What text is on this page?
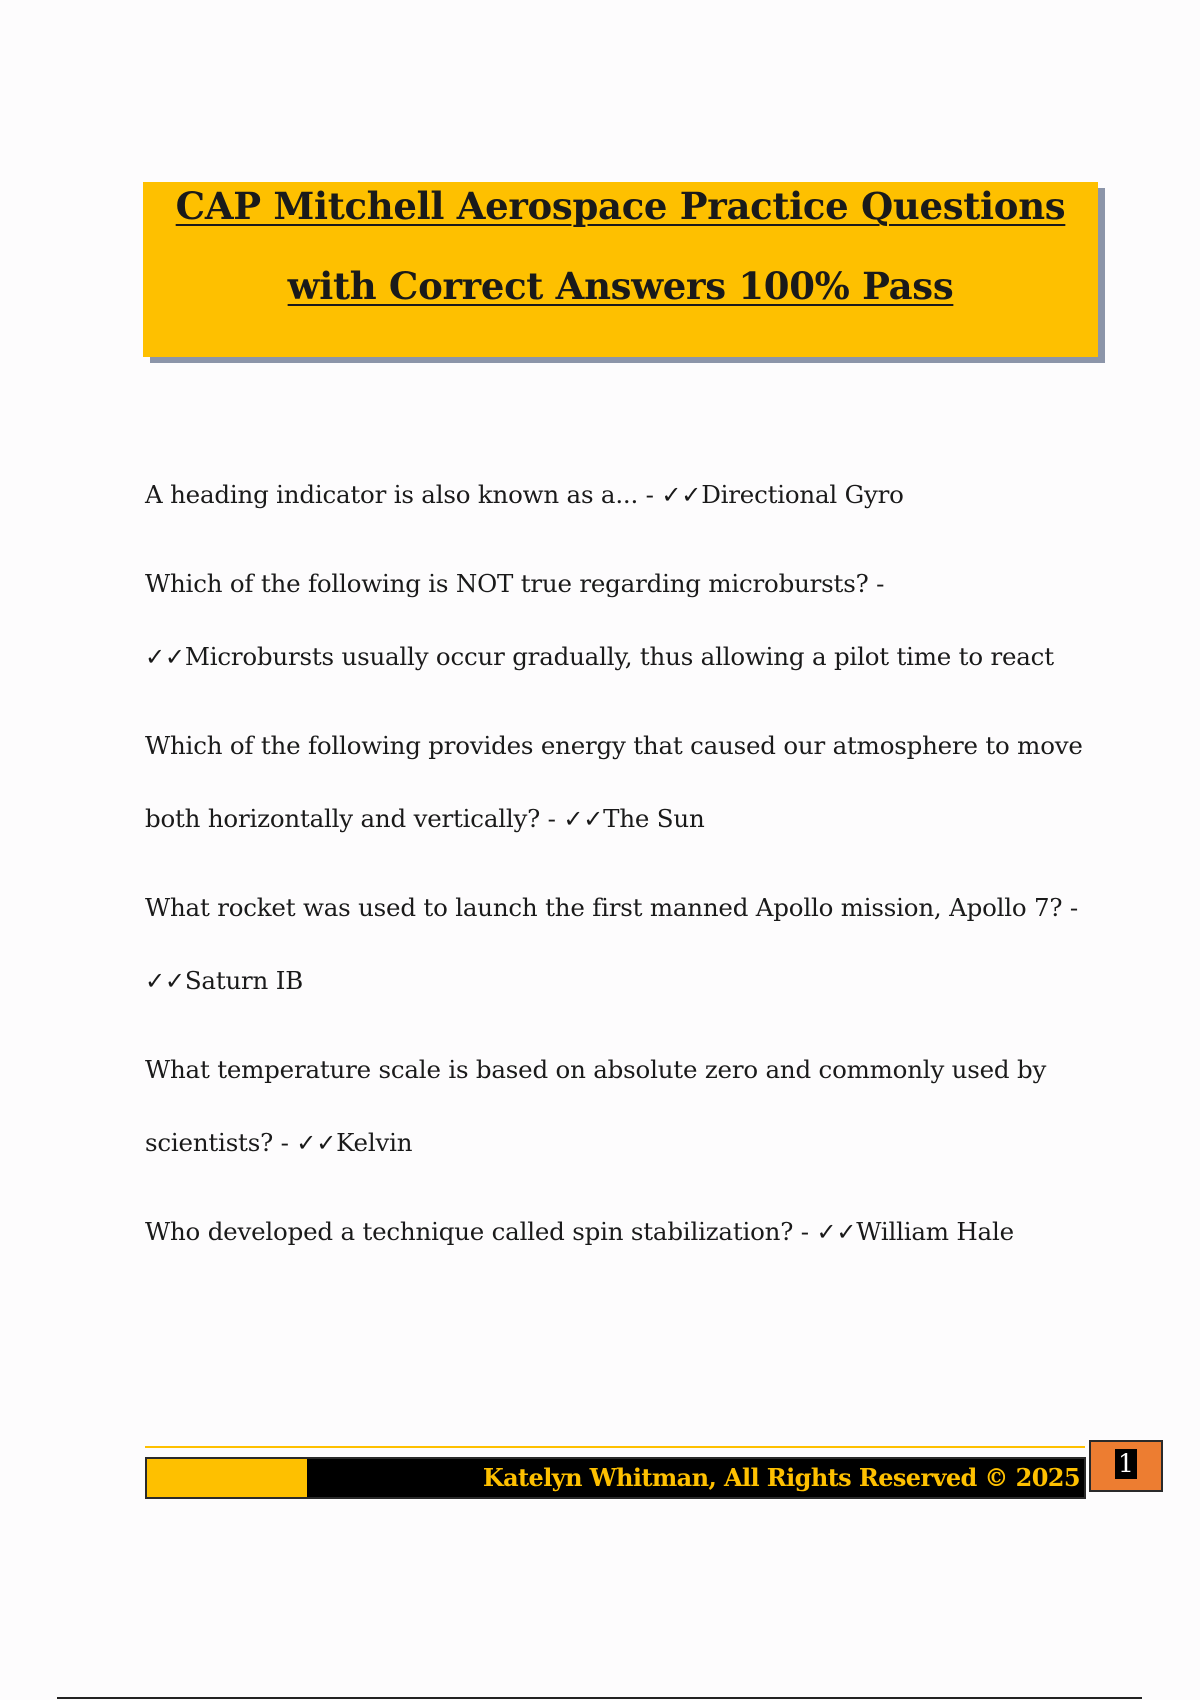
CAP Mitchell Aerospace Practice Questions
with Correct Answers 100% Pass

A heading indicator is also known as a... - ✓✓Directional Gyro

Which of the following is NOT true regarding microbursts? -
✓✓Microbursts usually occur gradually, thus allowing a pilot time to react

Which of the following provides energy that caused our atmosphere to move both horizontally and vertically? - ✓✓The Sun

What rocket was used to launch the first manned Apollo mission, Apollo 7? - ✓✓Saturn IB

What temperature scale is based on absolute zero and commonly used by scientists? - ✓✓Kelvin

Who developed a technique called spin stabilization? - ✓✓William Hale

Katelyn Whitman, All Rights Reserved © 2025	1
